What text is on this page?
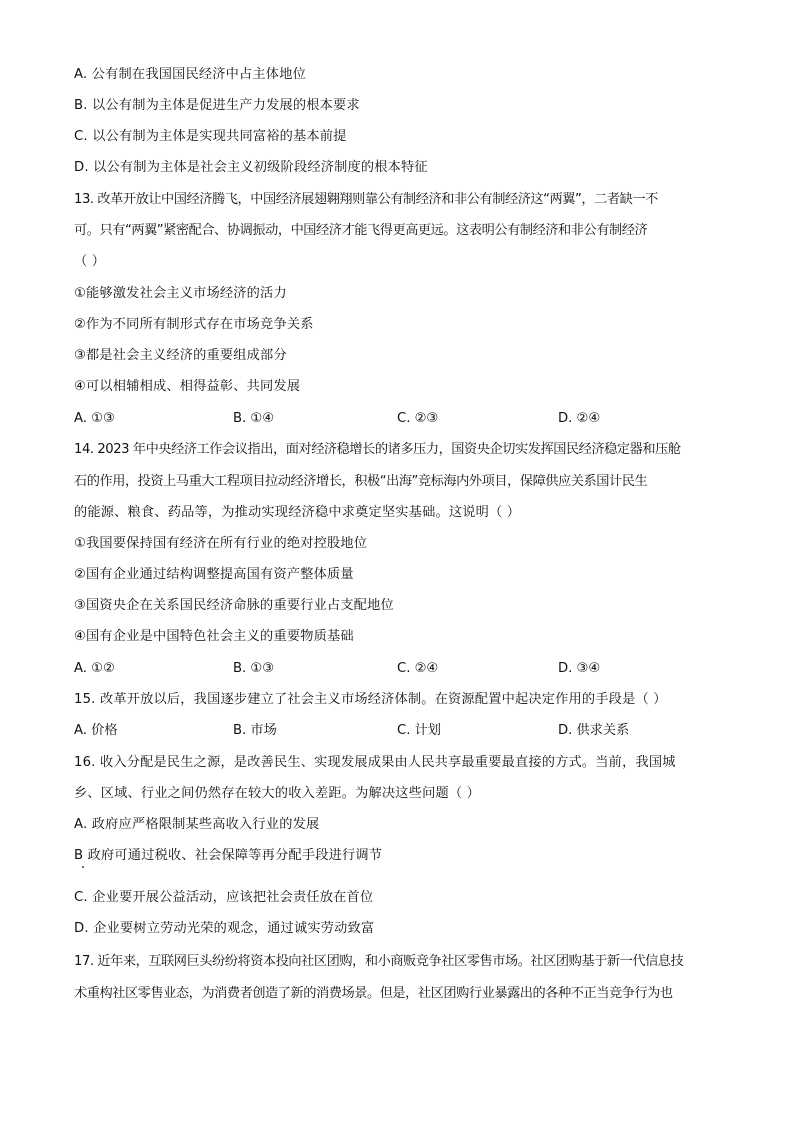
A. 公有制在我国国民经济中占主体地位
B. 以公有制为主体是促进生产力发展的根本要求
C. 以公有制为主体是实现共同富裕的基本前提
D. 以公有制为主体是社会主义初级阶段经济制度的根本特征
13. 改革开放让中国经济腾飞，中国经济展翅翱翔则靠公有制经济和非公有制经济这“两翼”，二者缺一不
可。只有“两翼”紧密配合、协调振动，中国经济才能飞得更高更远。这表明公有制经济和非公有制经济
（ ）
①能够激发社会主义市场经济的活力
②作为不同所有制形式存在市场竞争关系
③都是社会主义经济的重要组成部分
④可以相辅相成、相得益彰、共同发展
A. ①③	B. ①④	C. ②③	D. ②④
14. 2023 年中央经济工作会议指出，面对经济稳增长的诸多压力，国资央企切实发挥国民经济稳定器和压舱
石的作用，投资上马重大工程项目拉动经济增长，积极“出海”竞标海内外项目，保障供应关系国计民生
的能源、粮食、药品等，为推动实现经济稳中求奠定坚实基础。这说明（ ）
①我国要保持国有经济在所有行业的绝对控股地位
②国有企业通过结构调整提高国有资产整体质量
③国资央企在关系国民经济命脉的重要行业占支配地位
④国有企业是中国特色社会主义的重要物质基础
A. ①②	B. ①③	C. ②④	D. ③④
15. 改革开放以后，我国逐步建立了社会主义市场经济体制。在资源配置中起决定作用的手段是（ ）
A. 价格	B. 市场	C. 计划	D. 供求关系
16. 收入分配是民生之源，是改善民生、实现发展成果由人民共享最重要最直接的方式。当前，我国城
乡、区域、行业之间仍然存在较大的收入差距。为解决这些问题（ ）
A. 政府应严格限制某些高收入行业的发展
B 政府可通过税收、社会保障等再分配手段进行调节
C. 企业要开展公益活动，应该把社会责任放在首位
D. 企业要树立劳动光荣的观念，通过诚实劳动致富
17. 近年来，互联网巨头纷纷将资本投向社区团购，和小商贩竞争社区零售市场。社区团购基于新一代信息技
术重构社区零售业态，为消费者创造了新的消费场景。但是，社区团购行业暴露出的各种不正当竞争行为也
